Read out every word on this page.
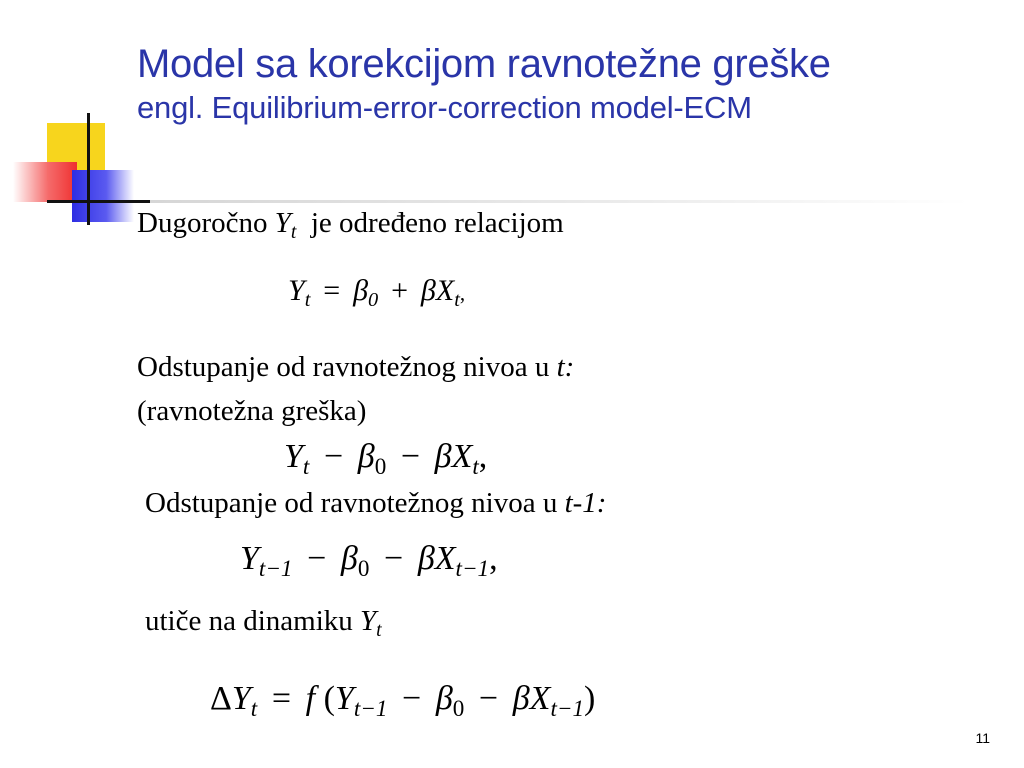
Model sa korekcijom ravnotežne greške
engl. Equilibrium-error-correction model-ECM
Dugoročno $Y_t$ je određeno relacijom
$Y_t = \beta_0 + \beta X_t$,
Odstupanje od ravnotežnog nivoa u t:
(ravnotežna greška)
$Y_t - \beta_0 - \beta X_t$,
Odstupanje od ravnotežnog nivoa u t-1:
$Y_{t-1} - \beta_0 - \beta X_{t-1}$,
utiče na dinamiku $Y_t$
$\Delta Y_t = f$ $(Y_{t-1} - \beta_0 - \beta X_{t-1})$
11
